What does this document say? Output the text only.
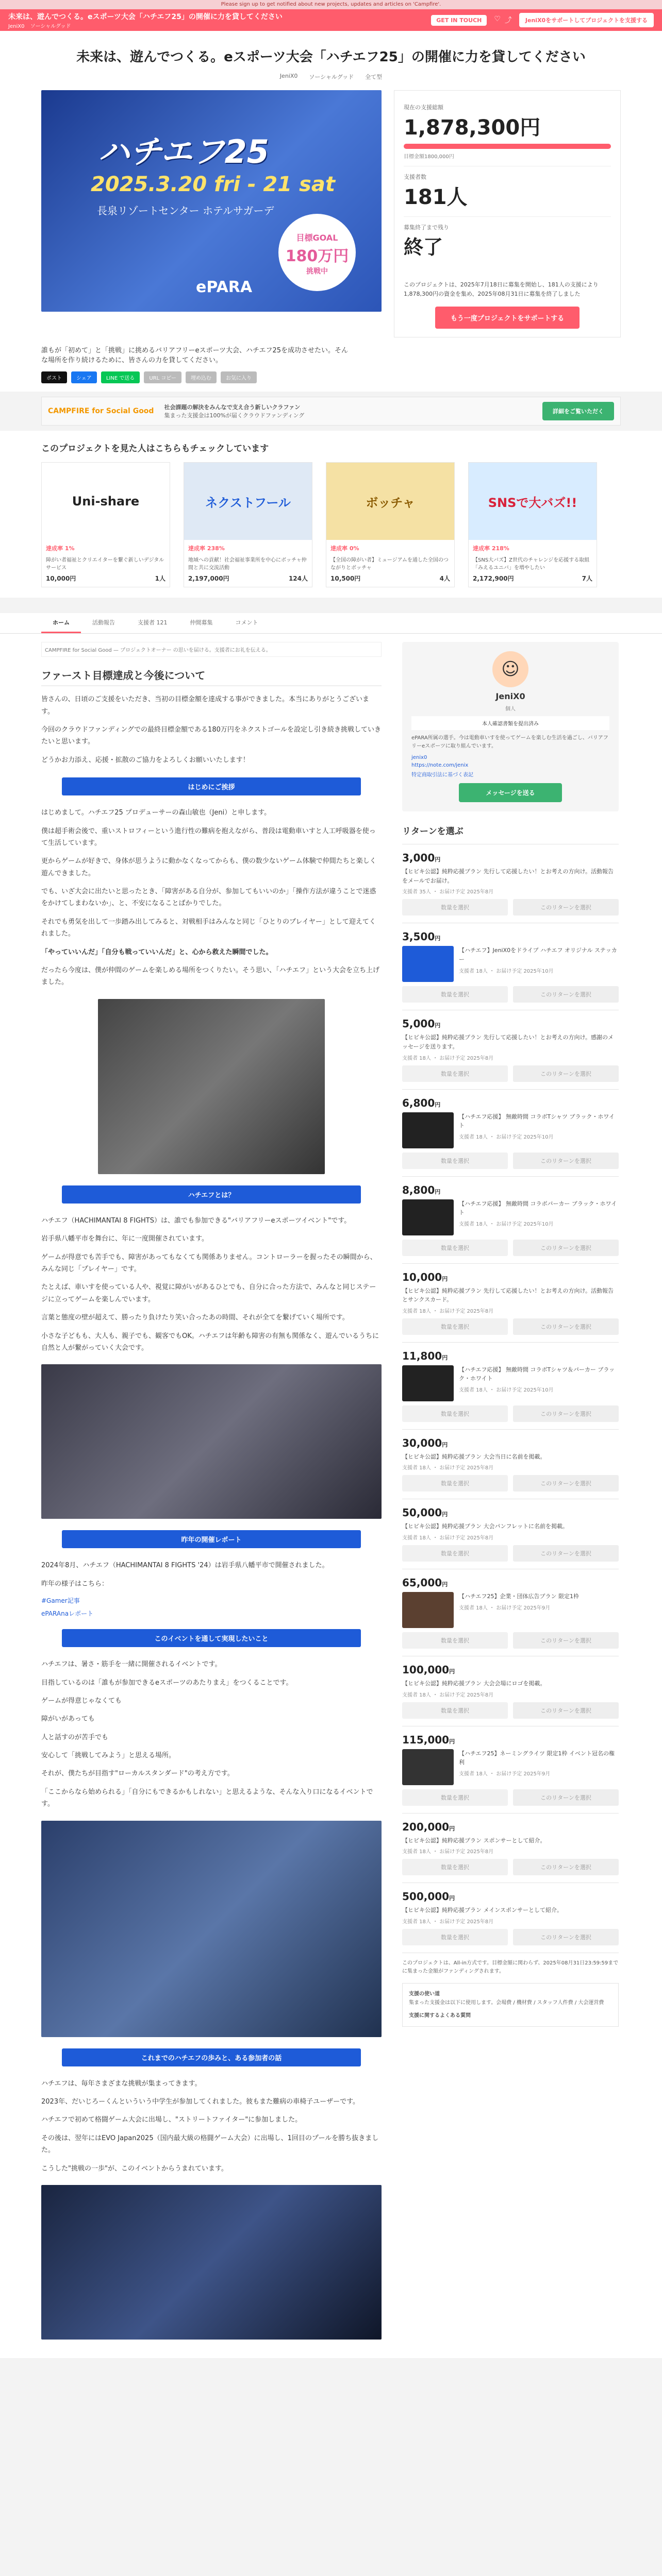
Please sign up to get notified about new projects, updates and articles on 'Campfire'.
未来は、遊んでつくる。eスポーツ大会「ハチエフ25」の開催に力を貸してください
JeniX0 ソーシャルグッド
GET IN TOUCH	♡ ⤴	JeniX0をサポートしてプロジェクトを支援する
未来は、遊んでつくる。eスポーツ大会「ハチエフ25」の開催に力を貸してください
JeniX0 ソーシャルグッド 全て型
ハチエフ25
2025.3.20 fri - 21 sat
長泉リゾートセンター ホテルサガーデ
ePARA
目標GOAL
180万円
挑戦中
現在の支援総額
1,878,300円
目標金額1800,000円
支援者数
181人
募集終了まで残り
終了
このプロジェクトは、2025年7月18日に募集を開始し、181人の支援により1,878,300円の資金を集め、2025年08月31日に募集を終了しました
もう一度プロジェクトをサポートする
誰もが「初めて」と「挑戦」に挑めるバリアフリーeスポーツ大会、ハチエフ25を成功させたい。そんな場所を作り続けるために、皆さんの力を貸してください。
ポスト	シェア	LINE で送る	URL コピー	埋め込む	お気に入り
CAMPFIRE for Social Good 社会課題の解決をみんなで支え合う新しいクラファン
集まった支援金は100%が届くクラウドファンディング
詳細をご覧いただく
このプロジェクトを見た人はこちらもチェックしています
Uni-share
達成率 1%
障がい者福祉とクリエイターを繋ぐ新しいデジタルサービス
10,000円	1人
ネクストフール
達成率 238%
地域への貢献！社会福祉事業所を中心にボッチャ仲間と共に交流活動
2,197,000円	124人
ボッチャ
達成率 0%
【全国の障がい者】ミュージアムを通した全国のつながりとボッチャ
10,500円	4人
SNSで大バズ!!
達成率 218%
【SNS大バズ】Z世代のチャレンジを応援する取組「みえるユニバ」を増やしたい
2,172,900円	7人
ホーム	活動報告	支援者 121	仲間募集	コメント
CAMPFIRE for Social Good — プロジェクトオーナー の思いを届ける。支援者にお礼を伝える。
ファースト目標達成と今後について

皆さんの、日頃のご支援をいただき、当初の目標金額を達成する事ができました。本当にありがとうございます。

今回のクラウドファンディングでの最終目標金額である180万円をネクストゴールを設定し引き続き挑戦していきたいと思います。

どうかお力添え、応援・拡散のご協力をよろしくお願いいたします！

はじめにご挨拶

はじめまして。ハチエフ25 プロデューサーの森山敏也（Jeni）と申します。

僕は超手術会後で、重いストロフィーという進行性の難病を抱えながら、普段は電動車いすと人工呼吸器を使って生活しています。

更からゲームが好きで、身体が思うように動かなくなってからも、僕の数少ないゲーム体験で仲間たちと楽しく遊んできました。

でも、いざ大会に出たいと思ったとき、「障害がある自分が、参加してもいいのか」「操作方法が違うことで迷惑をかけてしまわないか」、と、不安になることばかりでした。

それでも勇気を出して一歩踏み出してみると、対戦相手はみんなと同じ「ひとりのプレイヤー」として迎えてくれました。

「やっていいんだ」「自分も戦っていいんだ」と、心から救えた瞬間でした。

だったら今度は、僕が仲間のゲームを楽しめる場所をつくりたい。そう思い、「ハチエフ」という大会を立ち上げました。

ハチエフとは？

ハチエフ（HACHIMANTAI 8 FIGHTS）は、誰でも参加できる"バリアフリーeスポーツイベント"です。

岩手県八幡平市を舞台に、年に一度開催されています。

ゲームが得意でも苦手でも、障害があってもなくても関係ありません。コントローラーを握ったその瞬間から、みんな同じ「プレイヤー」です。

たとえば、車いすを使っている人や、視覚に障がいがあるひとでも、自分に合った方法で、みんなと同じステージに立ってゲームを楽しんでいます。

言葉と態度の壁が超えて、勝ったり負けたり笑い合ったあの時間、それが全てを繋げていく場所です。

小さな子どもも、大人も、親子でも、観客でもOK。ハチエフは年齢も障害の有無も関係なく、遊んでいるうちに自然と人が繋がっていく大会です。

昨年の開催レポート

2024年8月、ハチエフ（HACHIMANTAI 8 FIGHTS '24）は岩手県八幡平市で開催されました。

昨年の様子はこちら：

#Gamer記事
ePARAnaレポート
このイベントを通して実現したいこと

ハチエフは、暑さ・筋手を一緒に開催されるイベントです。

目指しているのは「誰もが参加できるeスポーツのあたりまえ」をつくることです。

ゲームが得意じゃなくても

障がいがあっても

人と話すのが苦手でも

安心して「挑戦してみよう」と思える場所。

それが、僕たちが目指す"ローカルスタンダード"の考え方です。

「ここからなら始められる」「自分にもできるかもしれない」と思えるような、そんな入り口になるイベントです。

これまでのハチエフの歩みと、ある参加者の話

ハチエフは、毎年さまざまな挑戦が集まってきます。

2023年、だいじろーくんといういう中学生が参加してくれました。彼もまた難病の車椅子ユーザーです。

ハチエフで初めて格闘ゲーム大会に出場し、"ストリートファイター"に参加しました。

その後は、翌年にはEVO Japan2025（国内最大級の格闘ゲーム大会）に出場し、1回目のプールを勝ち抜きました。

こうした"挑戦の一歩"が、このイベントからうまれています。

☺
JeniX0
個人
本人確認書類を提出済み
ePARA所属の選手。今は電動車いすを使ってゲームを楽しむ生活を過ごし、バリアフリーeスポーツに取り組んでいます。
jenix0
https://note.com/jenix
特定商取引法に基づく表記
メッセージを送る
リターンを選ぶ
3,000円
【ヒビキ公認】純粋応援プラン 先行して応援したい！とお考えの方向け。活動報告をメールでお届け。
支援者 35人 ・ お届け予定 2025年8月
数量を選択	このリターンを選択
3,500円
【ハチエフ】JeniX0をドライブ ハチエフ オリジナル ステッカー
支援者 18人 ・ お届け予定 2025年10月
数量を選択	このリターンを選択
5,000円
【ヒビキ公認】純粋応援プラン 先行して応援したい！とお考えの方向け。感謝のメッセージを送ります。
支援者 18人 ・ お届け予定 2025年8月
数量を選択	このリターンを選択
6,800円
【ハチエフ応援】 無敵時間 コラボTシャツ ブラック・ホワイト
支援者 18人 ・ お届け予定 2025年10月
数量を選択	このリターンを選択
8,800円
【ハチエフ応援】 無敵時間 コラボパーカー ブラック・ホワイト
支援者 18人 ・ お届け予定 2025年10月
数量を選択	このリターンを選択
10,000円
【ヒビキ公認】純粋応援プラン 先行して応援したい！とお考えの方向け。活動報告とサンクスカード。
支援者 18人 ・ お届け予定 2025年8月
数量を選択	このリターンを選択
11,800円
【ハチエフ応援】 無敵時間 コラボTシャツ＆パーカー ブラック・ホワイト
支援者 18人 ・ お届け予定 2025年10月
数量を選択	このリターンを選択
30,000円
【ヒビキ公認】純粋応援プラン 大会当日に名前を掲載。
支援者 18人 ・ お届け予定 2025年8月
数量を選択	このリターンを選択
50,000円
【ヒビキ公認】純粋応援プラン 大会パンフレットに名前を掲載。
支援者 18人 ・ お届け予定 2025年8月
数量を選択	このリターンを選択
65,000円
【ハチエフ25】企業・団体広告プラン 限定1枠
支援者 18人 ・ お届け予定 2025年9月
数量を選択	このリターンを選択
100,000円
【ヒビキ公認】純粋応援プラン 大会会場にロゴを掲載。
支援者 18人 ・ お届け予定 2025年8月
数量を選択	このリターンを選択
115,000円
【ハチエフ25】ネーミングライツ 限定1枠 イベント冠名の権利
支援者 18人 ・ お届け予定 2025年9月
数量を選択	このリターンを選択
200,000円
【ヒビキ公認】純粋応援プラン スポンサーとして紹介。
支援者 18人 ・ お届け予定 2025年8月
数量を選択	このリターンを選択
500,000円
【ヒビキ公認】純粋応援プラン メインスポンサーとして紹介。
支援者 18人 ・ お届け予定 2025年8月
数量を選択	このリターンを選択
このプロジェクトは、All-in方式です。目標金額に関わらず、2025年08月31日23:59:59までに集まった金額がファンディングされます。
支援の使い道
集まった支援金は以下に使用します。会場費 / 機材費 / スタッフ人件費 / 大会運営費
支援に関するよくある質問
